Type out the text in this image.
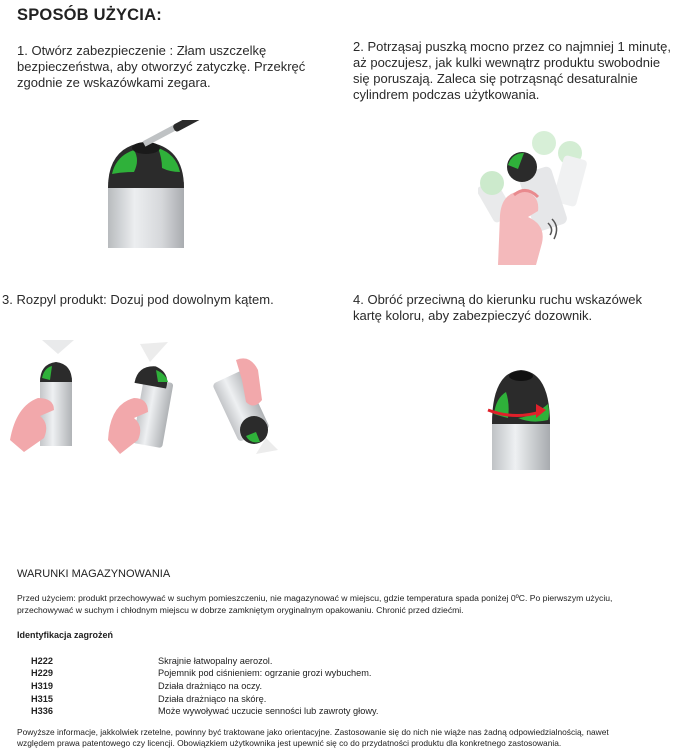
SPOSÓB UŻYCIA:
1. Otwórz zabezpieczenie : Złam uszczelkę
bezpieczeństwa, aby otworzyć zatyczkę. Przekręć
zgodnie ze wskazówkami zegara.
2. Potrząsaj puszką mocno przez co najmniej 1 minutę,
aż poczujesz, jak kulki wewnątrz produktu swobodnie
się poruszają. Zaleca się potrząsnąć desaturalnie
cylindrem podczas użytkowania.
3. Rozpyl produkt: Dozuj pod dowolnym kątem.	4. Obróć przeciwną do kierunku ruchu wskazówek
kartę koloru, aby zabezpieczyć dozownik.
WARUNKI MAGAZYNOWANIA
Przed użyciem: produkt przechowywać w suchym pomieszczeniu, nie magazynować w miejscu, gdzie temperatura spada poniżej 0ºC. Po pierwszym użyciu,
przechowywać w suchym i chłodnym miejscu w dobrze zamkniętym oryginalnym opakowaniu. Chronić przed dziećmi.
Identyfikacja zagrożeń
H222	Skrajnie łatwopalny aerozol.
H229	Pojemnik pod ciśnieniem: ogrzanie grozi wybuchem.
H319	Działa drażniąco na oczy.
H315	Działa drażniąco na skórę.
H336	Może wywoływać uczucie senności lub zawroty głowy.
Powyższe informacje, jakkolwiek rzetelne, powinny być traktowane jako orientacyjne. Zastosowanie się do nich nie wiąże nas żadną odpowiedzialnością, nawet
względem prawa patentowego czy licencji. Obowiązkiem użytkownika jest upewnić się co do przydatności produktu dla konkretnego zastosowania.
